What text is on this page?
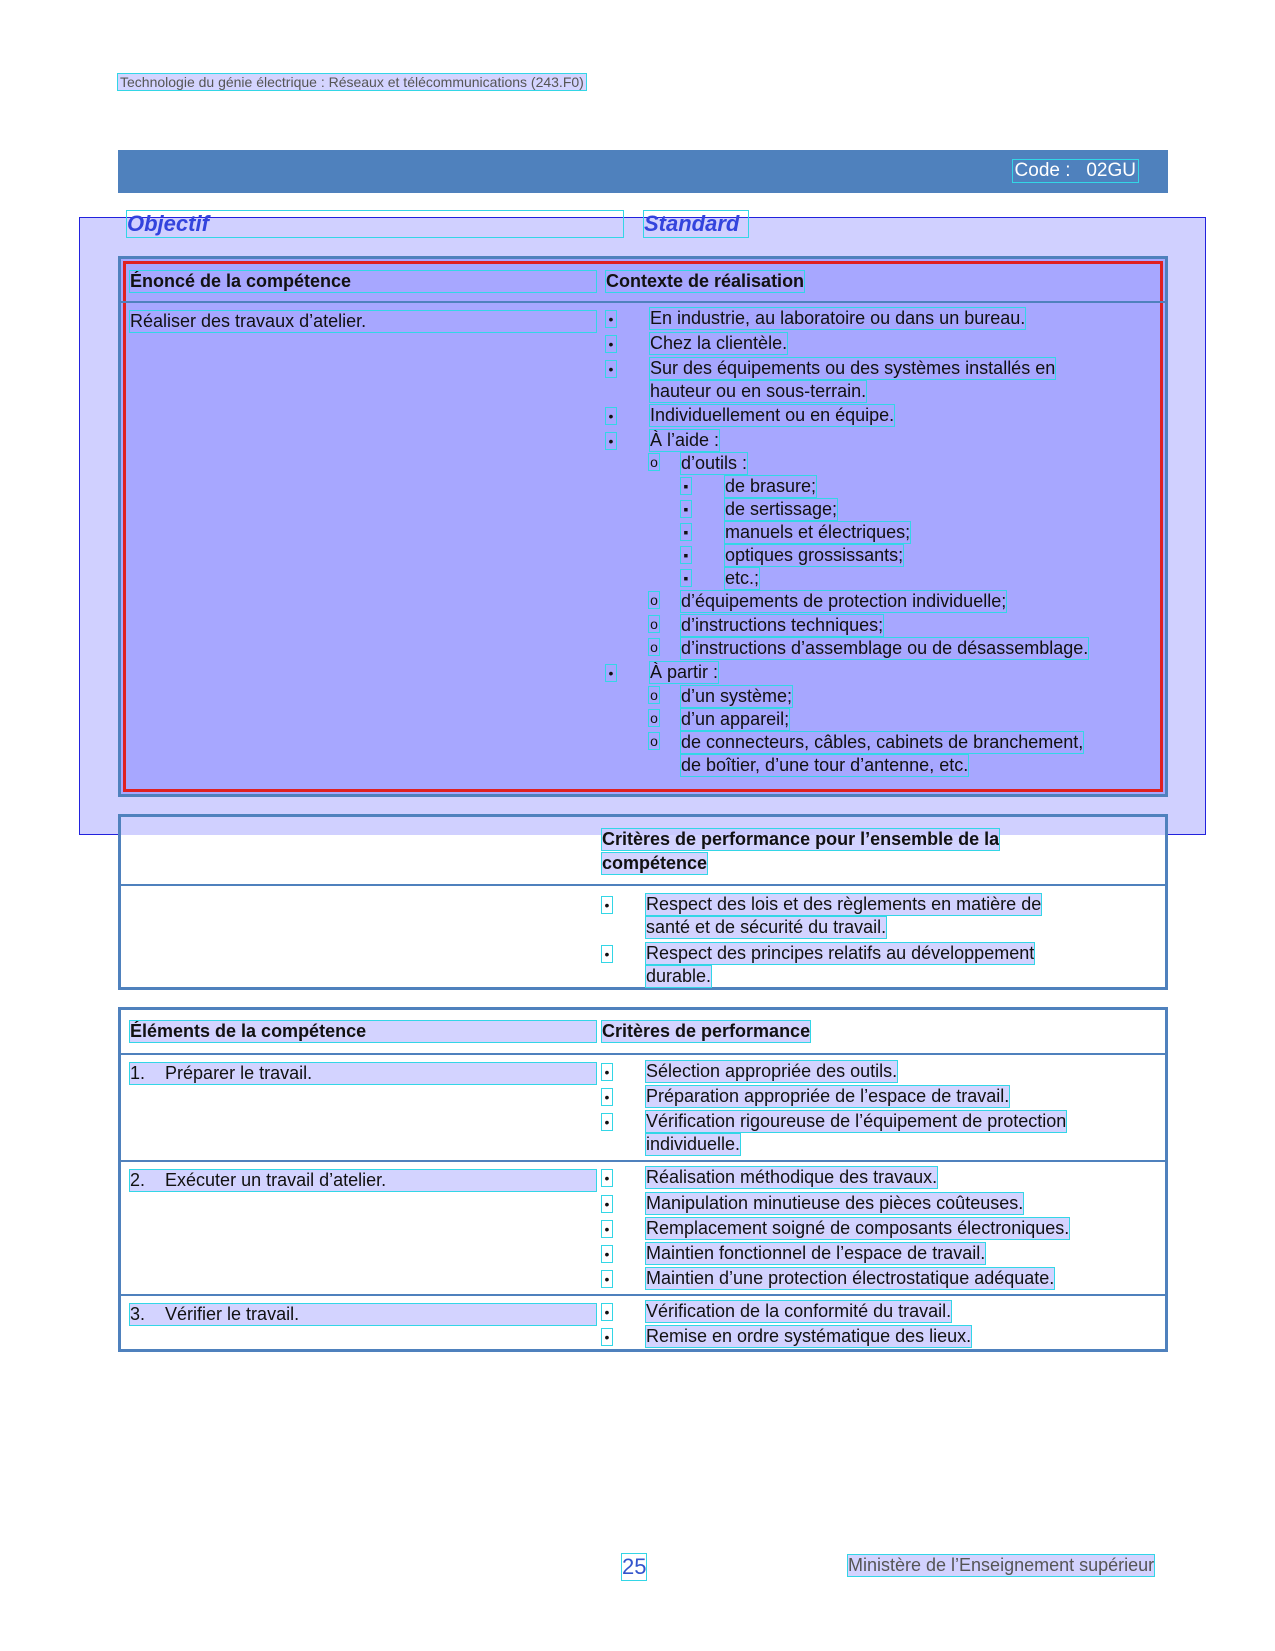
Technologie du génie électrique : Réseaux et télécommunications (243.F0)
Code : 02GU
Objectif	Standard
Énoncé de la compétence	Contexte de réalisation
Réaliser des travaux d’atelier.	• En industrie, au laboratoire ou dans un bureau.
• Chez la clientèle.
• Sur des équipements ou des systèmes installés en
hauteur ou en sous-terrain.
• Individuellement ou en équipe.
• À l’aide :
o d’outils :
▪ de brasure;
▪ de sertissage;
▪ manuels et électriques;
▪ optiques grossissants;
▪ etc.;
o d’équipements de protection individuelle;
o d’instructions techniques;
o d’instructions d’assemblage ou de désassemblage.
• À partir :
o d’un système;
o d’un appareil;
o de connecteurs, câbles, cabinets de branchement,
de boîtier, d’une tour d’antenne, etc.
Critères de performance pour l’ensemble de la
compétence
• Respect des lois et des règlements en matière de
santé et de sécurité du travail.
• Respect des principes relatifs au développement
durable.
Éléments de la compétence	Critères de performance
1. Préparer le travail.	• Sélection appropriée des outils.
• Préparation appropriée de l’espace de travail.
• Vérification rigoureuse de l’équipement de protection
individuelle.
2. Exécuter un travail d’atelier.	• Réalisation méthodique des travaux.
• Manipulation minutieuse des pièces coûteuses.
• Remplacement soigné de composants électroniques.
• Maintien fonctionnel de l’espace de travail.
• Maintien d’une protection électrostatique adéquate.
3. Vérifier le travail.	• Vérification de la conformité du travail.
• Remise en ordre systématique des lieux.
25	Ministère de l’Enseignement supérieur
